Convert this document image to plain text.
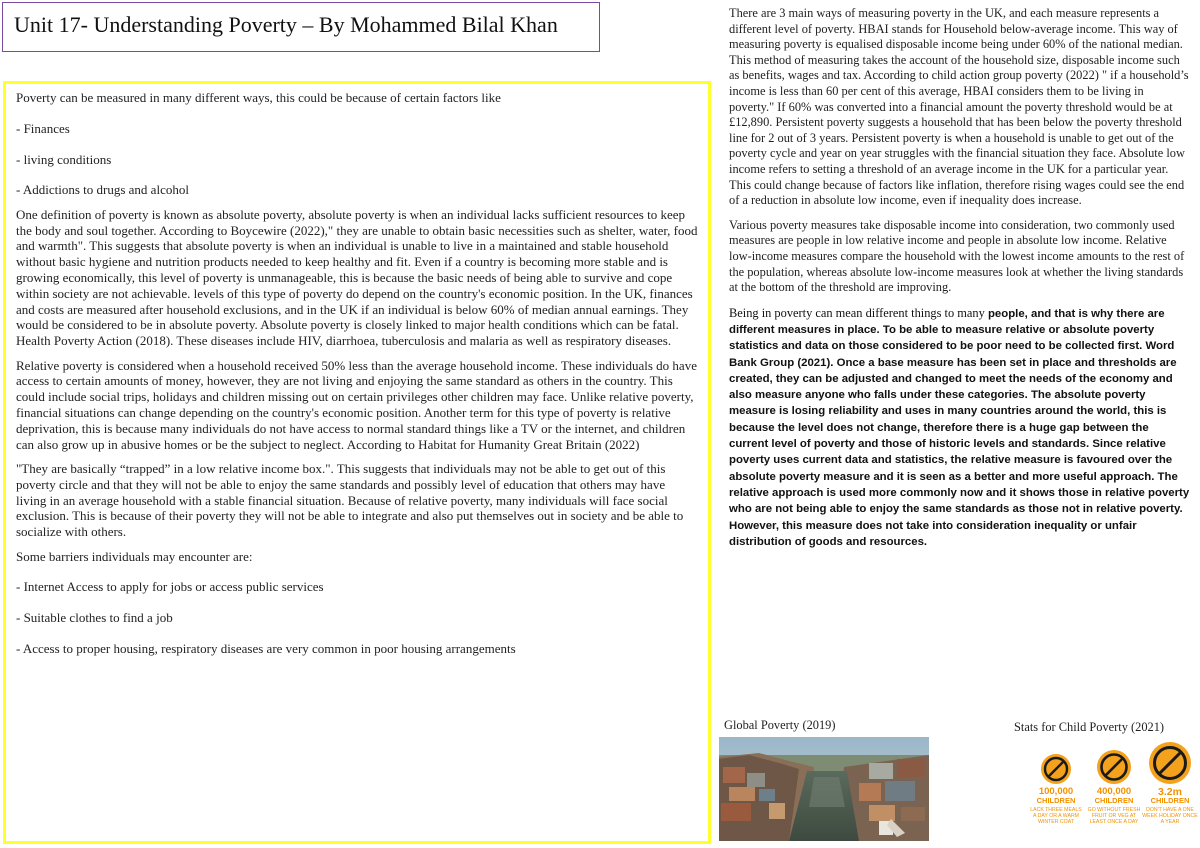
Unit 17- Understanding Poverty – By Mohammed Bilal Khan

Poverty can be measured in many different ways, this could be because of certain factors like

- Finances

- living conditions

- Addictions to drugs and alcohol

One definition of poverty is known as absolute poverty, absolute poverty is when an individual lacks sufficient resources to keep the body and soul together. According to Boycewire (2022)," they are unable to obtain basic necessities such as shelter, water, food and warmth". This suggests that absolute poverty is when an individual is unable to live in a maintained and stable household without basic hygiene and nutrition products needed to keep healthy and fit. Even if a country is becoming more stable and is growing economically, this level of poverty is unmanageable, this is because the basic needs of being able to survive and cope within society are not achievable. levels of this type of poverty do depend on the country's economic position. In the UK, finances and costs are measured after household exclusions, and in the UK if an individual is below 60% of median annual earnings. They would be considered to be in absolute poverty. Absolute poverty is closely linked to major health conditions which can be fatal. Health Poverty Action (2018). These diseases include HIV, diarrhoea, tuberculosis and malaria as well as respiratory diseases.

Relative poverty is considered when a household received 50% less than the average household income. These individuals do have access to certain amounts of money, however, they are not living and enjoying the same standard as others in the country. This could include social trips, holidays and children missing out on certain privileges other children may face. Unlike relative poverty, financial situations can change depending on the country's economic position. Another term for this type of poverty is relative deprivation, this is because many individuals do not have access to normal standard things like a TV or the internet, and children can also grow up in abusive homes or be the subject to neglect. According to Habitat for Humanity Great Britain (2022)

"They are basically “trapped” in a low relative income box.". This suggests that individuals may not be able to get out of this poverty circle and that they will not be able to enjoy the same standards and possibly level of education that others may have living in an average household with a stable financial situation. Because of relative poverty, many individuals will face social exclusion. This is because of their poverty they will not be able to integrate and also put themselves out in society and be able to socialize with others.

Some barriers individuals may encounter are:

- Internet Access to apply for jobs or access public services

- Suitable clothes to find a job

- Access to proper housing, respiratory diseases are very common in poor housing arrangements

There are 3 main ways of measuring poverty in the UK, and each measure represents a different level of poverty. HBAI stands for Household below-average income. This way of measuring poverty is equalised disposable income being under 60% of the national median. This method of measuring takes the account of the household size, disposable income such as benefits, wages and tax. According to child action group poverty (2022) " if a household’s income is less than 60 per cent of this average, HBAI considers them to be living in poverty." If 60% was converted into a financial amount the poverty threshold would be at £12,890. Persistent poverty suggests a household that has been below the poverty threshold line for 2 out of 3 years. Persistent poverty is when a household is unable to get out of the poverty cycle and year on year struggles with the financial situation they face. Absolute low income refers to setting a threshold of an average income in the UK for a particular year. This could change because of factors like inflation, therefore rising wages could see the end of a reduction in absolute low income, even if inequality does increase.

Various poverty measures take disposable income into consideration, two commonly used measures are people in low relative income and people in absolute low income. Relative low-income measures compare the household with the lowest income amounts to the rest of the population, whereas absolute low-income measures look at whether the living standards at the bottom of the threshold are improving.

Being in poverty can mean different things to many people, and that is why there are different measures in place. To be able to measure relative or absolute poverty statistics and data on those considered to be poor need to be collected first. Word Bank Group (2021). Once a base measure has been set in place and thresholds are created, they can be adjusted and changed to meet the needs of the economy and also measure anyone who falls under these categories. The absolute poverty measure is losing reliability and uses in many countries around the world, this is because the level does not change, therefore there is a huge gap between the current level of poverty and those of historic levels and standards. Since relative poverty uses current data and statistics, the relative measure is favoured over the absolute poverty measure and it is seen as a better and more useful approach. The relative approach is used more commonly now and it shows those in relative poverty who are not being able to enjoy the same standards as those not in relative poverty. However, this measure does not take into consideration inequality or unfair distribution of goods and resources.

Global Poverty (2019)	Stats for Child Poverty (2021)
100,000
CHILDREN
LACK THREE MEALS A DAY OR A WARM WINTER COAT
400,000
CHILDREN
GO WITHOUT FRESH FRUIT OR VEG AT LEAST ONCE A DAY
3.2m
CHILDREN
DON'T HAVE A ONE WEEK HOLIDAY ONCE A YEAR
